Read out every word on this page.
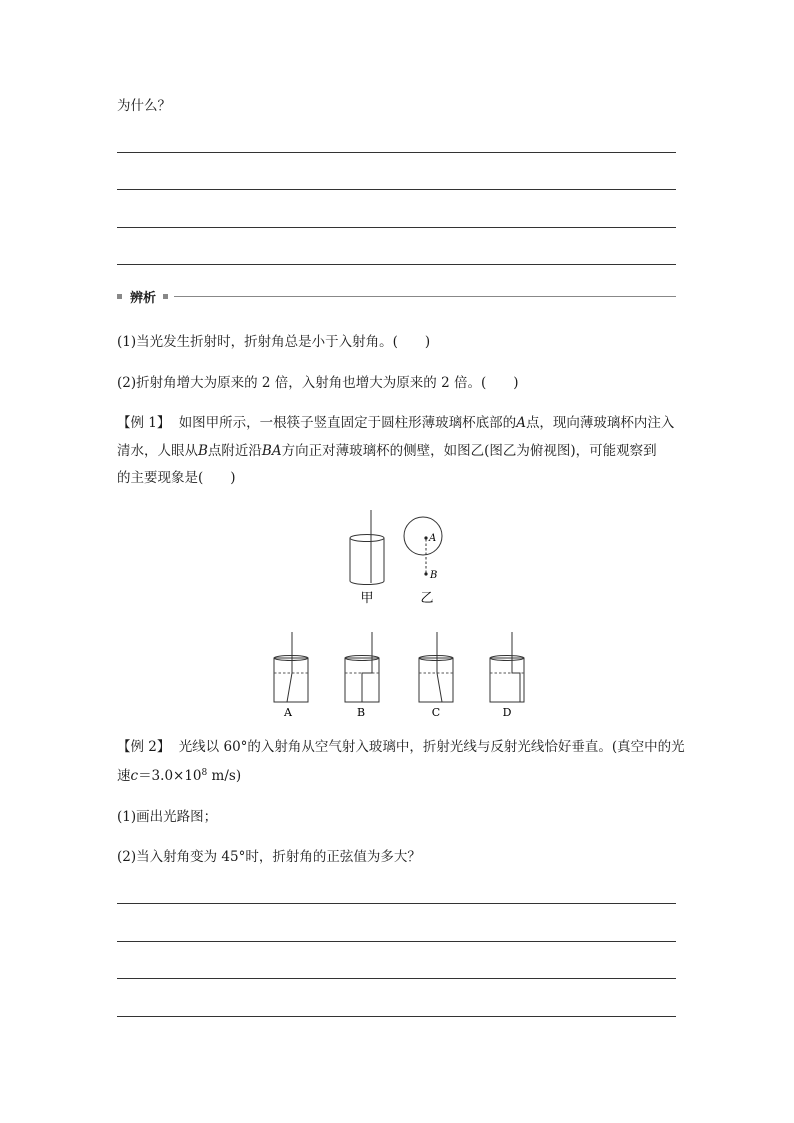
为什么？
辨析
(1)当光发生折射时，折射角总是小于入射角。(　　)
(2)折射角增大为原来的 2 倍，入射角也增大为原来的 2 倍。(　　)
【例 1】 如图甲所示，一根筷子竖直固定于圆柱形薄玻璃杯底部的A点，现向薄玻璃杯内注入
清水，人眼从B点附近沿BA方向正对薄玻璃杯的侧壁，如图乙(图乙为俯视图)，可能观察到
的主要现象是(　　)
甲
A
B
乙
A	B	C	D
【例 2】 光线以 60°的入射角从空气射入玻璃中，折射光线与反射光线恰好垂直。(真空中的光
速$c=3.0\times 10^8$ m/s)
(1)画出光路图；
(2)当入射角变为 45°时，折射角的正弦值为多大？
